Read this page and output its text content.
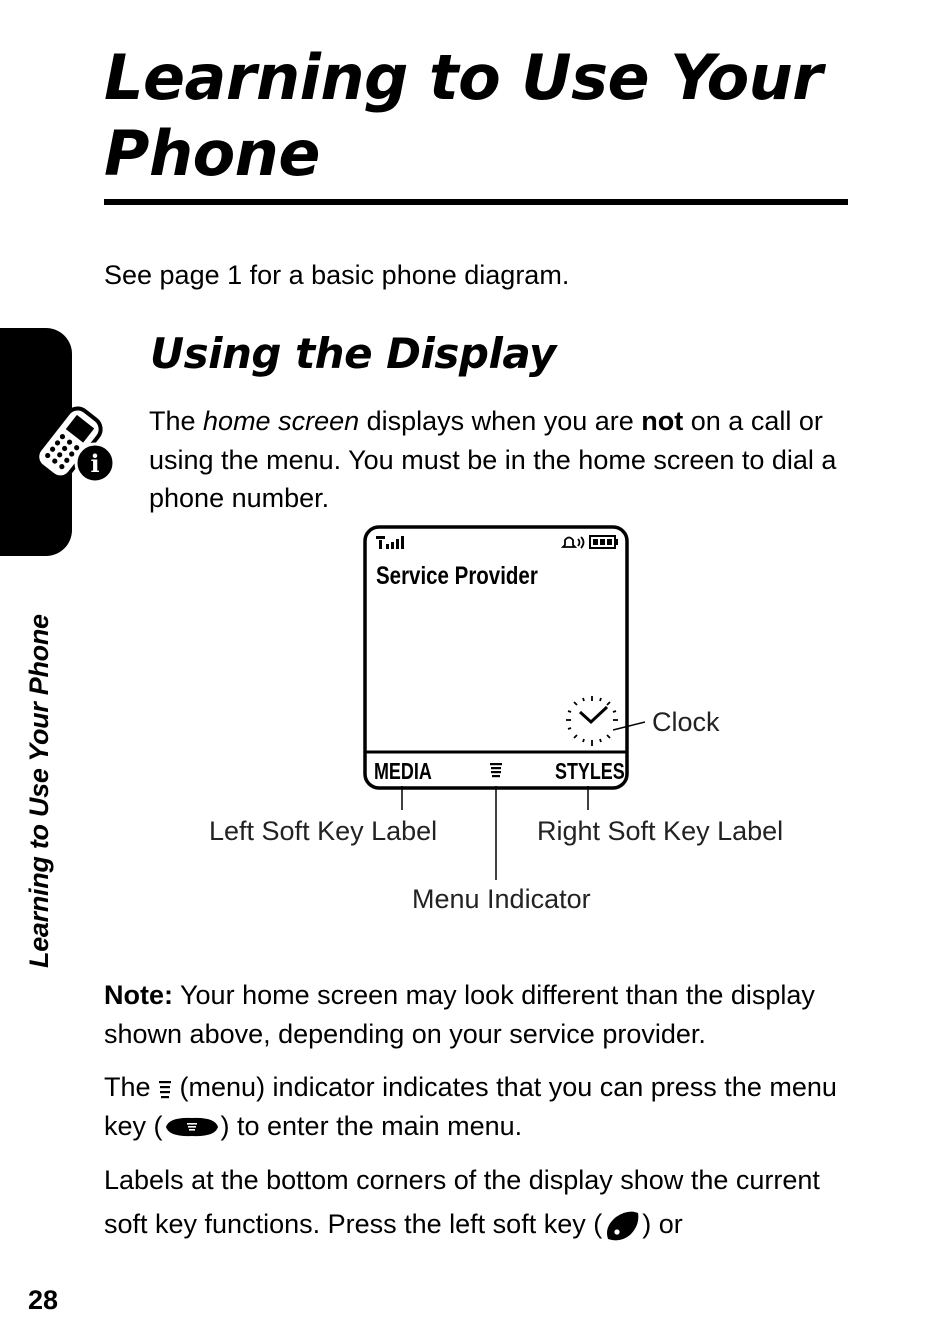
Learning to Use Your Phone

See page 1 for a basic phone diagram.

i
Learning to Use Your Phone
Using the Display

The home screen displays when you are not on a call or using the menu. You must be in the home screen to dial a phone number.

Service Provider
Clock
MEDIA	STYLES
Left Soft Key Label	Right Soft Key Label
Menu Indicator

Note: Your home screen may look different than the display shown above, depending on your service provider.

The  (menu) indicator indicates that you can press the menu key ( ) to enter the main menu.

Labels at the bottom corners of the display show the current soft key functions. Press the left soft key ( ) or

28
